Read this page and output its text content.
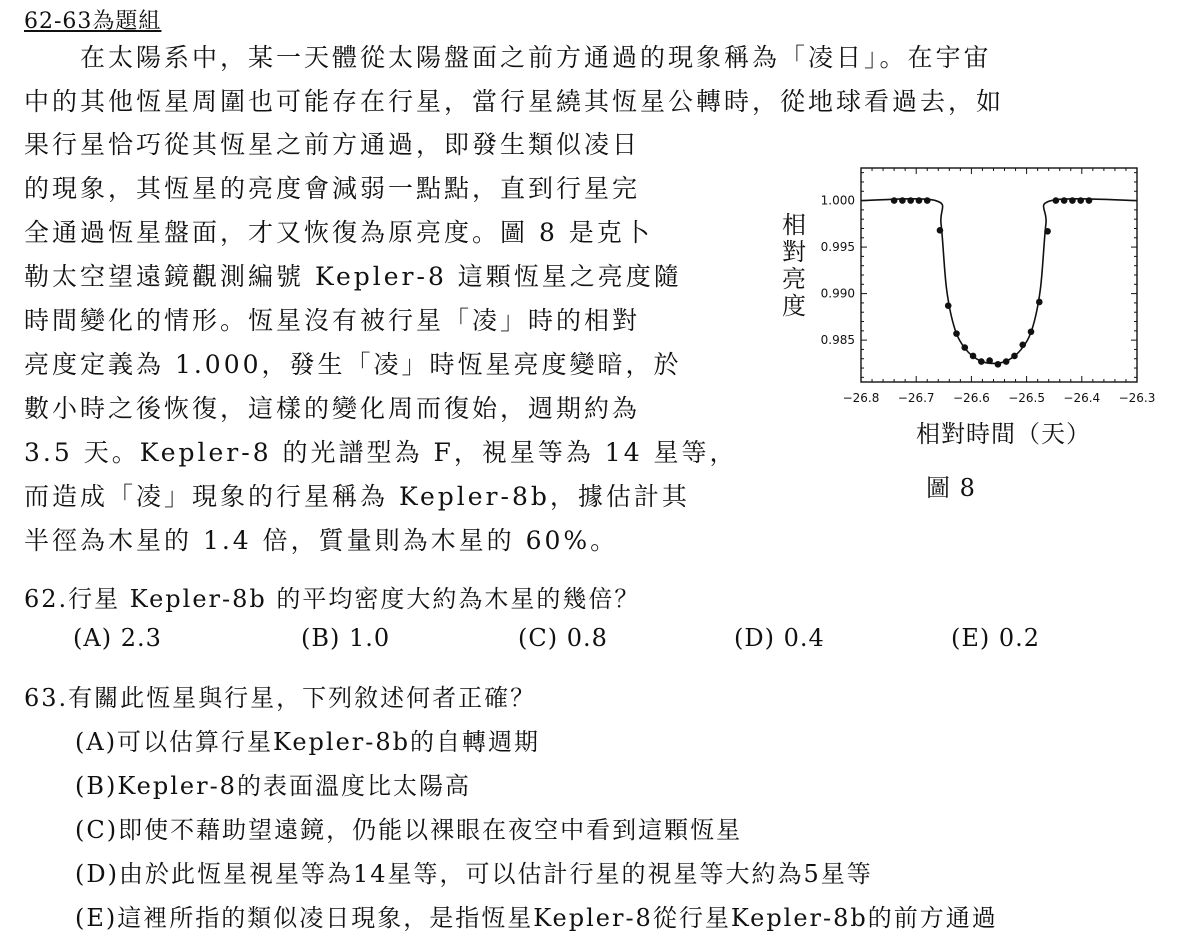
62-63為題組
　　在太陽系中，某一天體從太陽盤面之前方通過的現象稱為「凌日」。在宇宙
中的其他恆星周圍也可能存在行星，當行星繞其恆星公轉時，從地球看過去，如
果行星恰巧從其恆星之前方通過，即發生類似凌日
的現象，其恆星的亮度會減弱一點點，直到行星完
全通過恆星盤面，才又恢復為原亮度。圖 8 是克卜
勒太空望遠鏡觀測編號 Kepler-8 這顆恆星之亮度隨
時間變化的情形。恆星沒有被行星「凌」時的相對
亮度定義為 1.000，發生「凌」時恆星亮度變暗，於
數小時之後恢復，這樣的變化周而復始，週期約為
3.5 天。Kepler-8 的光譜型為 F，視星等為 14 星等，
而造成「凌」現象的行星稱為 Kepler-8b，據估計其
半徑為木星的 1.4 倍，質量則為木星的 60%。
相
對
亮
度
−26.8 −26.7 −26.6 −26.5 −26.4 −26.3
1.000
0.995
0.990
0.985
相對時間（天）
圖 8
62.行星 Kepler-8b 的平均密度大約為木星的幾倍？
(A) 2.3	(B) 1.0	(C) 0.8	(D) 0.4	(E) 0.2
63.有關此恆星與行星，下列敘述何者正確？
(A)可以估算行星Kepler-8b的自轉週期
(B)Kepler-8的表面溫度比太陽高
(C)即使不藉助望遠鏡，仍能以裸眼在夜空中看到這顆恆星
(D)由於此恆星視星等為14星等，可以估計行星的視星等大約為5星等
(E)這裡所指的類似凌日現象，是指恆星Kepler-8從行星Kepler-8b的前方通過
